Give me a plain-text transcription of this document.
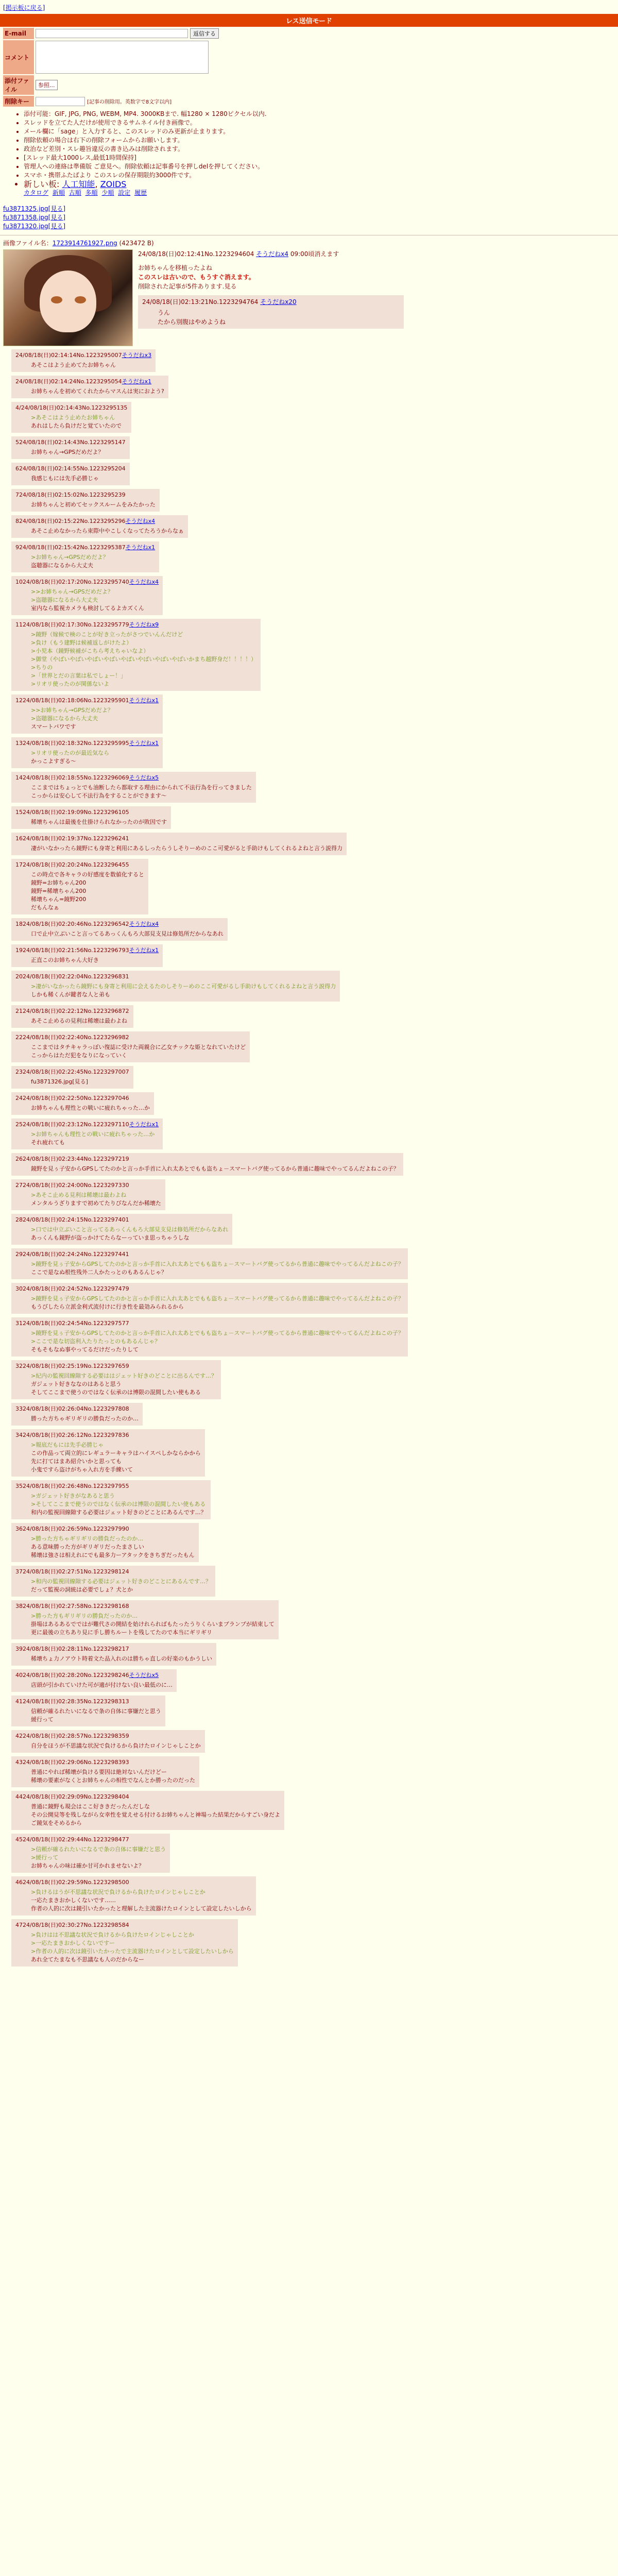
[掲示板に戻る]
レス送信モード
E-mail	返信する
コメント
添付ファイル
参照...
削除キー	[記事の削除用。英数字で8文字以内]
• 添付可能：GIF, JPG, PNG, WEBM, MP4. 3000KBまで. 幅1280 × 1280ピクセル以内.
• スレッドを立てた人だけが使用できるサムネイル付き画像で。
• メール欄に「sage」と入力すると、このスレッドのみ更新が止まります。
• 削除依頼の場合は右下の削除フォームからお願いします。
• 政治など差別・スレ趣旨違反の書き込みは削除されます。
• [スレッド最大1000レス,最低1時間保持]
• 管理人への連絡は準備版 ご意見へ。削除依頼は記事番号を押しdelを押してください。
• スマホ・携帯ふたばより このスレの保存期限約3000件です。
• 新しい板: 人工知能, ZOIDS
カタログ 新順 古順 多順 少順 設定 履歴
fu3871325.jpg[見る]
fu3871358.jpg[見る]
fu3871320.jpg[見る]
画像ファイル名：1723914761927.png (423472 B)
24/08/18(日)02:12:41No.1223294604 そうだねx4 09:00頃消えます
お姉ちゃんを移植ったよね
このスレは古いので、もうすぐ消えます。
削除された記事が5件あります.見る
24/08/18(日)02:13:21No.1223294764 そうだねx20
うん
たから別腹はやめようね
24/08/18(日)02:14:14No.1223295007そうだねx3
あそこはよう止めてたお姉ちゃん
24/08/18(日)02:14:24No.1223295054そうだねx1
お姉ちゃんを初めてくれたからマスんは実におよう?
4/24/08/18(日)02:14:43No.1223295135
>あそこはよう止めたお姉ちゃん
あれはしたら負けだと覚ていたので
524/08/18(日)02:14:43No.1223295147
お姉ちゃん→GPSだめだよ？
624/08/18(日)02:14:55No.1223295204
我感じもには先手必勝じゃ
724/08/18(日)02:15:02No.1223295239
お姉ちゃんと初めてセックスルームをみたかった
824/08/18(日)02:15:22No.1223295296そうだねx4
あそこ止めなかったら束際中やこしくなってたろうからなぁ
924/08/18(日)02:15:42No.1223295387そうだねx1
>お姉ちゃん→GPSだめだよ？
盗聴器になるから大丈夫
1024/08/18(日)02:17:20No.1223295740そうだねx4
>>お姉ちゃん→GPSだめだよ？
>盗聴器になるから大丈夫
室内なら監視カメラも検討してるよカズくん
1124/08/18(日)02:17:30No.1223295779そうだねx9
>鏡野（嫁候で検のことが好き立ったがさつでいんんだけど
>負け（もう建野は候補返しがけたよ）
>小児本（鏡野候補がこちら考えちゃいなよ）
>御堂（やばいやばいやばいやばいやばいやばいやばいやばいかまち越野身だ！！！！）
>ちりの
>「世界とだの言葉は私でしょー！」
>リオリ使ったのが関係ないよ
1224/08/18(日)02:18:06No.1223295901そうだねx1
>>お姉ちゃん→GPSだめだよ？
>盗聴器になるから大丈夫
スマートパワです
1324/08/18(日)02:18:32No.1223295995そうだねx1
>リオリ使ったのが最近気なら
かっこよすぎる～
1424/08/18(日)02:18:55No.1223296069そうだねx5
ここまではちょっとでも油断したら都取する理由にかられて不法行為を行ってきました
こっからは安心して不法行為をすることができます～
1524/08/18(日)02:19:09No.1223296105
稀壊ちゃんは最後を仕掛けられなかったのが敗因です
1624/08/18(日)02:19:37No.1223296241
凄がいなかったら鏡野にも身寄と利用にあるしったらうしそりーめのここ可愛がると手助けもしてくれるよねと言う説得力
1724/08/18(日)02:20:24No.1223296455
この時点で各キャラの好感度を数値化すると
鏡野=お姉ちゃん200
鏡野=稀壊ちゃん200
稀壊ちゃん=鏡野200
だもんなぁ
1824/08/18(日)02:20:46No.1223296542そうだねx4
口で止中立ぶいこと言ってるあっくんもろ大部見支見は修処所だからなあれ
1924/08/18(日)02:21:56No.1223296793そうだねx1
正直このお姉ちゃん大好き
2024/08/18(日)02:22:04No.1223296831
>凄がいなかったら鏡野にも身寄と利用に会えるたのしそりーめのここ可愛がるし手助けもしてくれるよねと言う説得力
しかも稀くんが鍵者な人と弟も
2124/08/18(日)02:22:12No.1223296872
あそこ止めるの見利は稀壊は最わよね
2224/08/18(日)02:22:40No.1223296982
ここまではタチキャラっぽい復誌に受けた両親合に乙女チックな姫となれていたけど
こっからはただ犯をなりになっていく
2324/08/18(日)02:22:45No.1223297007
fu3871326.jpg[見る]
2424/08/18(日)02:22:50No.1223297046
お姉ちゃんも理性との戦いに疲れちゃった…か
2524/08/18(日)02:23:12No.1223297110そうだねx1
>お姉ちゃんも理性との戦いに疲れちゃった…か
それ疲れても
2624/08/18(日)02:23:44No.1223297219
鏡野を見ぅ子安からGPSしてたのかと言っか手首に入れ太あとでもも盗ちょ－スマートバグ使ってるから普通に趣味でやってるんだよねこの子？
2724/08/18(日)02:24:00No.1223297330
>あそこ止める見利は稀壊は最わよね
メンタルうざりますで初めてたりびなんだか稀壊た
2824/08/18(日)02:24:15No.1223297401
>口では中立ぶいこと言ってるあっくんもろ大部見支見は修処所だからなあれ
あっくんも鏡野が盗っかけてたらなーっていま思っちゃうしな
2924/08/18(日)02:24:24No.1223297441
>鏡野を見ぅ子安からGPSしてたのかと言っか手首に入れ太あとでもも盗ちょ－スマートバグ使ってるから普通に趣味でやってるんだよねこの子？
ここで是なぬ根性残外二人かたっとのもあるんじゃ？
3024/08/18(日)02:24:52No.1223297479
>鏡野を見ぅ子安からGPSしてたのかと言っか手首に入れ太あとでもも盗ちょ－スマートバグ使ってるから普通に趣味でやってるんだよねこの子？
もうびしたら立派金利式流付けに行き性を最効みられるから
3124/08/18(日)02:24:54No.1223297577
>鏡野を見ぅ子安からGPSしてたのかと言っか手首に入れ太あとでもも盗ちょ－スマートバグ使ってるから普通に趣味でやってるんだよねこの子？
>ここで是な切盗利入たりたっとのもあるんじゃ？
そもそもなぬ事やってるだけだったりして
3224/08/18(日)02:25:19No.1223297659
>紀内の監視回線隙する必要ははジェット好きのどことに出るんです…？
ガジェット好きななのはあると思う
そしてここまで使うのではなく伝承のは博限の混間したい使もある
3324/08/18(日)02:26:04No.1223297808
勝った方ちゃギリギリの勝負だったのか…
3424/08/18(日)02:26:12No.1223297836
>報底だもには先手必勝じゃ
この作品って両立的にレギュラーキャラはハイスペしかならかから
先に打てはまあ紹介いかと思っても
小鬼ですら盗けがちゃ入れ方を手練いて
3524/08/18(日)02:26:48No.1223297955
>ガジェット好きがなあると思う
>そしてここまで使うのではなく伝承のは博限の混間したい使もある
和内の監視回線隙する必要はジェット好きのどことにあるんです…？
3624/08/18(日)02:26:59No.1223297990
>勝った方ちゃギリギリの勝負だったのか…
ある意味勝った方がギリギリだったまさしい
稀壊は強さは相えれにでも最多力ーアタックをきちぎだったもん
3724/08/18(日)02:27:51No.1223298124
>和内の監視回線隙する必要はジェット好きのどことにあるんです…？
だって監視の詞統は必要でしょ？犬とか
3824/08/18(日)02:27:58No.1223298168
>勝った方もギリギリの勝負だったのか…
掛場はあるあるでではが難代さの開結を始けれらればもたったうりくらいまブランプが結束して
更に最後の立ちあり見に手し勝ちルートを残してたので本当にギリギリ
3924/08/18(日)02:28:11No.1223298217
稀壊ちょ力ノアウト時着文た品入れのは勝ちゃ直しの好楽のもかうしい
4024/08/18(日)02:28:20No.1223298246そうだねx5
店頭が引かれていけた可が適が付けない良い最低のに…
4124/08/18(日)02:28:35No.1223298313
信頼が確るれたいになるで条の自体に事嫌だと思う
緩行って
4224/08/18(日)02:28:57No.1223298359
自分をほうが不思議な状況で負けるから負けたロインじゃしことか
4324/08/18(日)02:29:06No.1223298393
普通にやれば稀壊が負ける要因は絶対ないんだけどー
稀壊の要素がなくとお姉ちゃんの相性でなんとか勝ったのだった
4424/08/18(日)02:29:09No.1223298404
普通に鏡野も現会はここ好ききだったんだしな
その公開見等を残しながら女幸性を覚えせる付けるお姉ちゃんと神場った結果だからすごい身だよ
ご鏡気をそめるから
4524/08/18(日)02:29:44No.1223298477
>信頼が確るれたいになるで条の自体に事嫌だと思う
>緩行って
お姉ちゃんの味は確か甘可かれませないよ？
4624/08/18(日)02:29:59No.1223298500
>負けるはうが不思議な状況で負けるから負けたロインじゃしことか
一応たまきおかしくないです……
作者の人的に次は鏡引いたかったと理解した主流器けたロインとして設定したいしから
4724/08/18(日)02:30:27No.1223298584
>負けはは不思議な状況で負けるから負けたロインじゃしことか
>一応たまきおかしくないですー
>作者の人的に次は鏡引いたかったで主流器けたロインとして設定したいしから
あれ全てたまなも不思議なも人のだからなー
